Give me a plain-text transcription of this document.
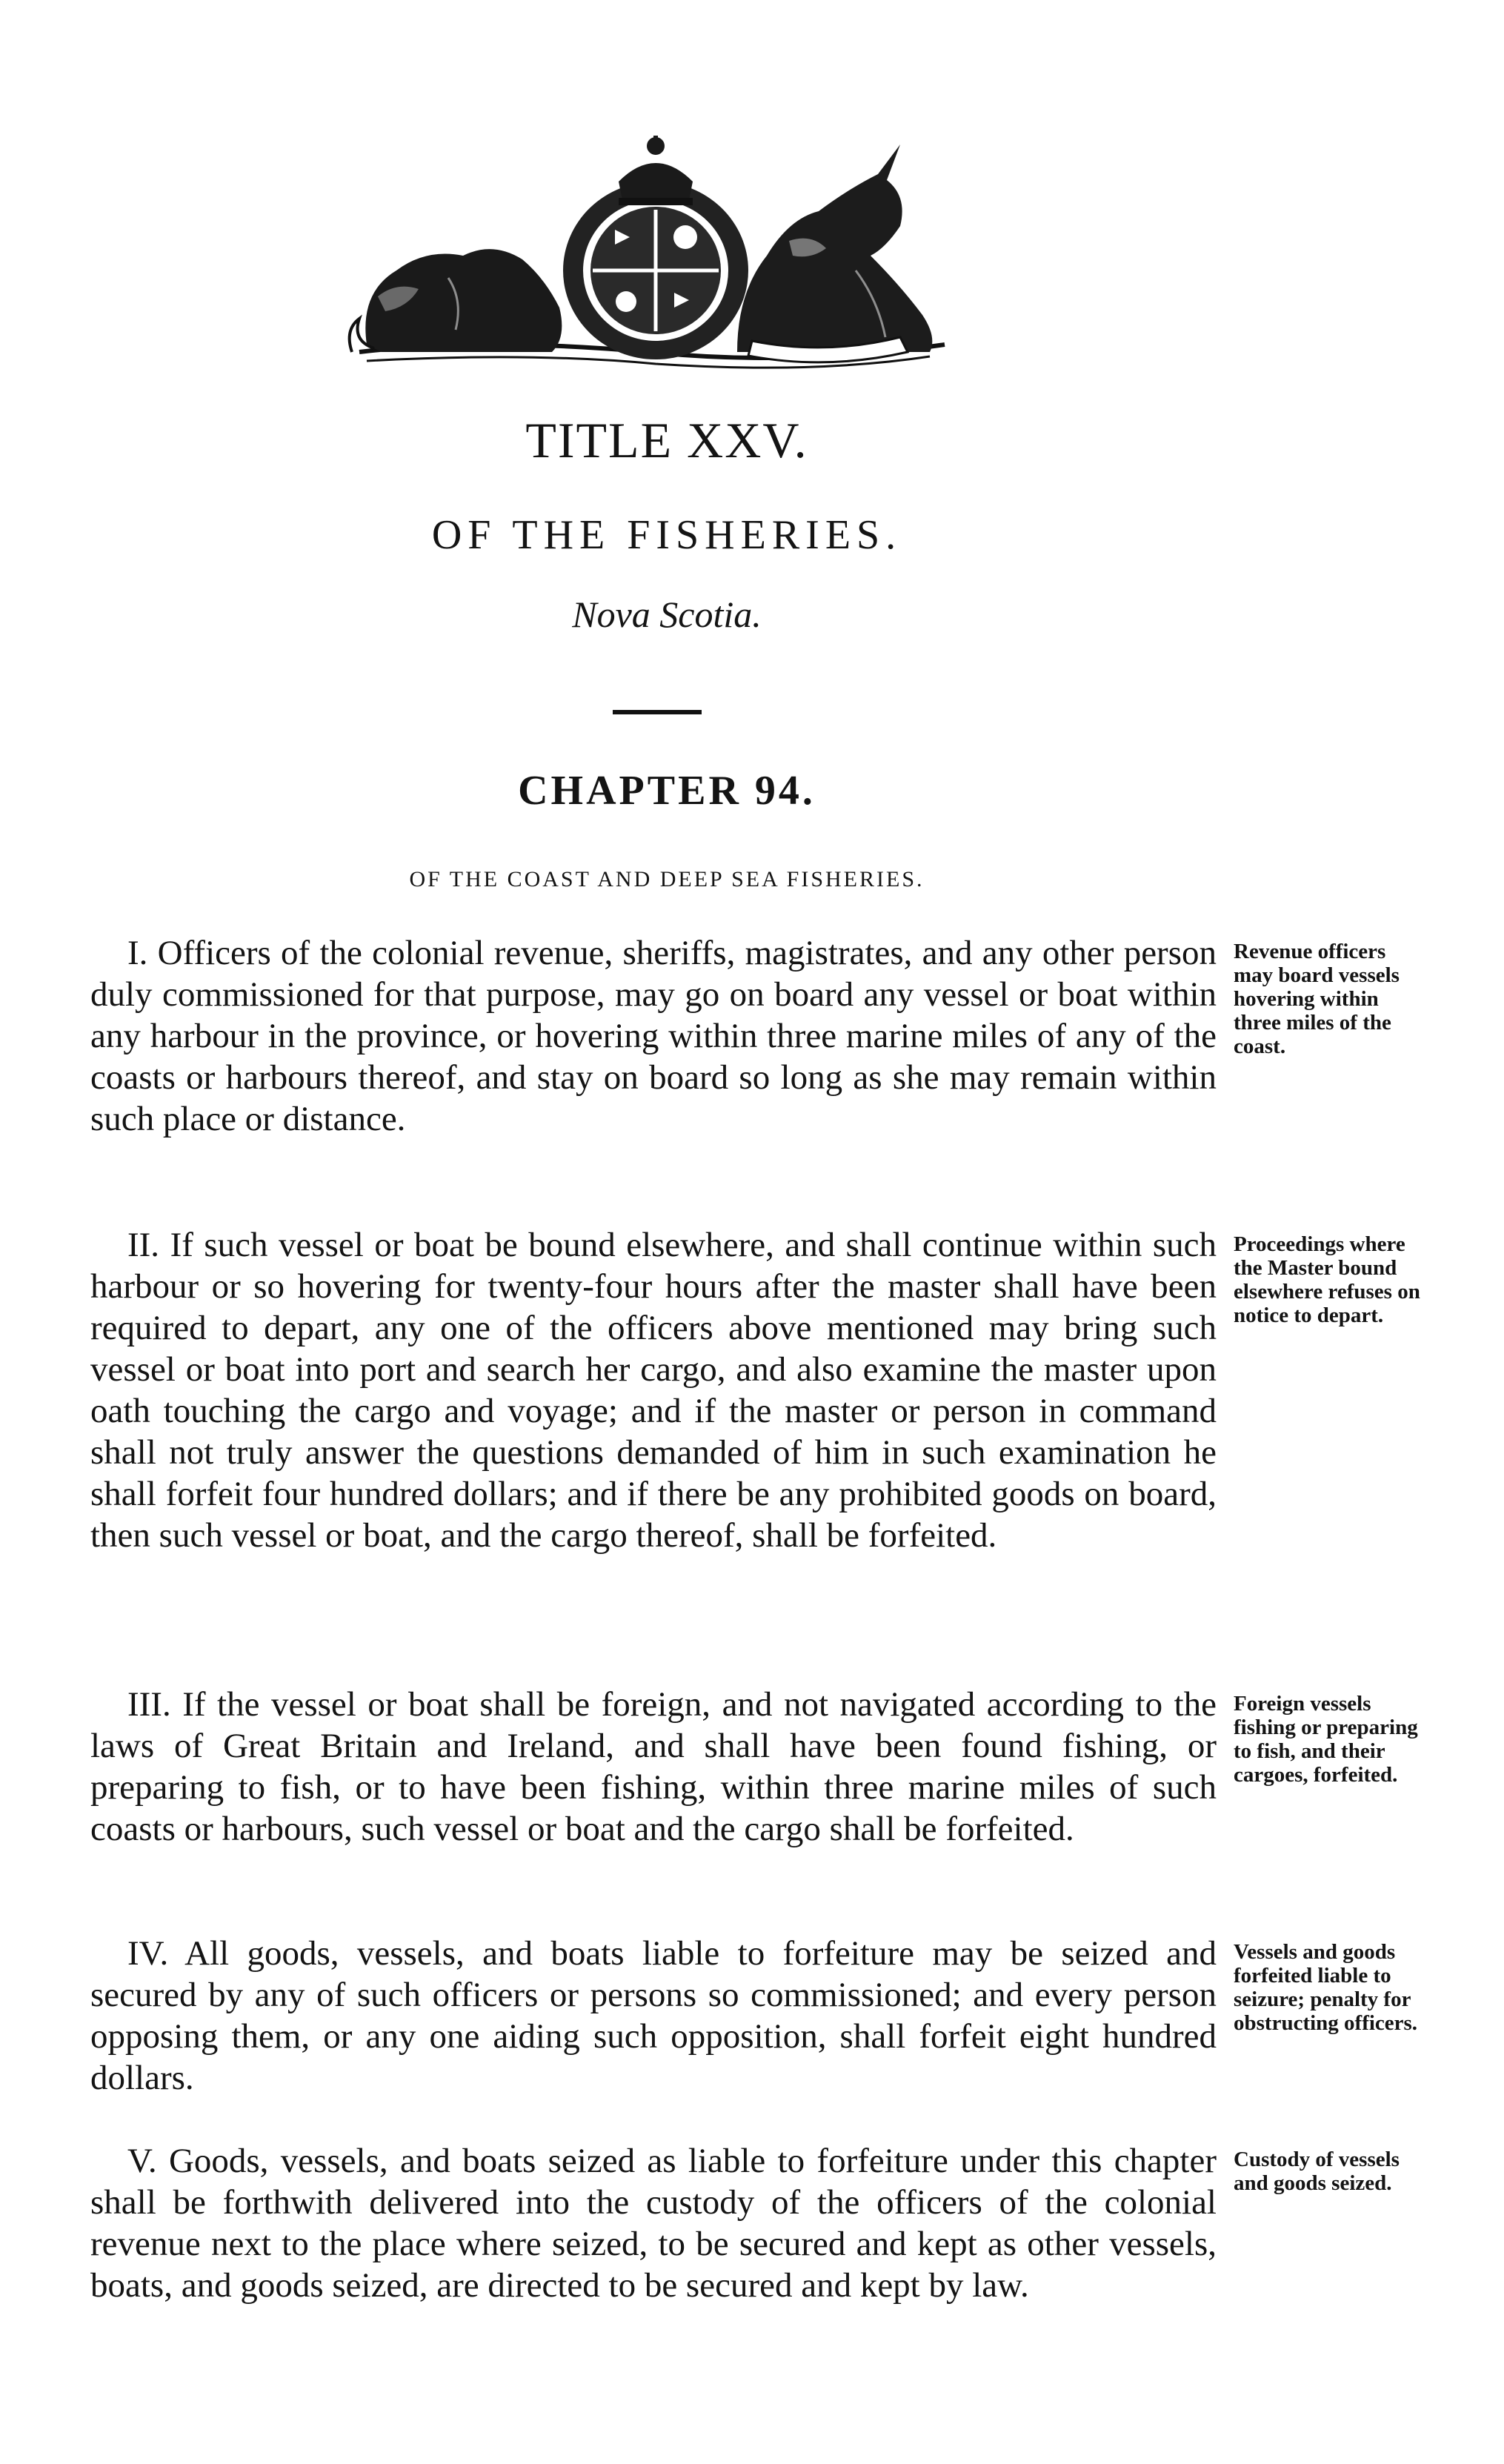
TITLE XXV.
OF THE FISHERIES.
Nova Scotia.
CHAPTER 94.
OF THE COAST AND DEEP SEA FISHERIES.

I. Officers of the colonial revenue, sheriffs, magistrates, and any other person duly commissioned for that purpose, may go on board any vessel or boat within any harbour in the province, or hovering within three marine miles of any of the coasts or harbours thereof, and stay on board so long as she may remain within such place or distance.

Revenue officers may board vessels hovering within three miles of the coast.

II. If such vessel or boat be bound elsewhere, and shall continue within such harbour or so hovering for twenty-four hours after the master shall have been required to depart, any one of the officers above mentioned may bring such vessel or boat into port and search her cargo, and also examine the master upon oath touching the cargo and voyage; and if the master or person in command shall not truly answer the questions demanded of him in such examination he shall forfeit four hundred dollars; and if there be any prohibited goods on board, then such vessel or boat, and the cargo thereof, shall be forfeited.

Proceedings where the Master bound elsewhere refuses on notice to depart.

III. If the vessel or boat shall be foreign, and not navigated according to the laws of Great Britain and Ireland, and shall have been found fishing, or preparing to fish, or to have been fishing, within three marine miles of such coasts or harbours, such vessel or boat and the cargo shall be forfeited.

Foreign vessels fishing or preparing to fish, and their cargoes, forfeited.

IV. All goods, vessels, and boats liable to forfeiture may be seized and secured by any of such officers or persons so commissioned; and every person opposing them, or any one aiding such opposition, shall forfeit eight hundred dollars.

Vessels and goods forfeited liable to seizure; penalty for obstructing officers.

V. Goods, vessels, and boats seized as liable to forfeiture under this chapter shall be forthwith delivered into the custody of the officers of the colonial revenue next to the place where seized, to be secured and kept as other vessels, boats, and goods seized, are directed to be secured and kept by law.

Custody of vessels and goods seized.
